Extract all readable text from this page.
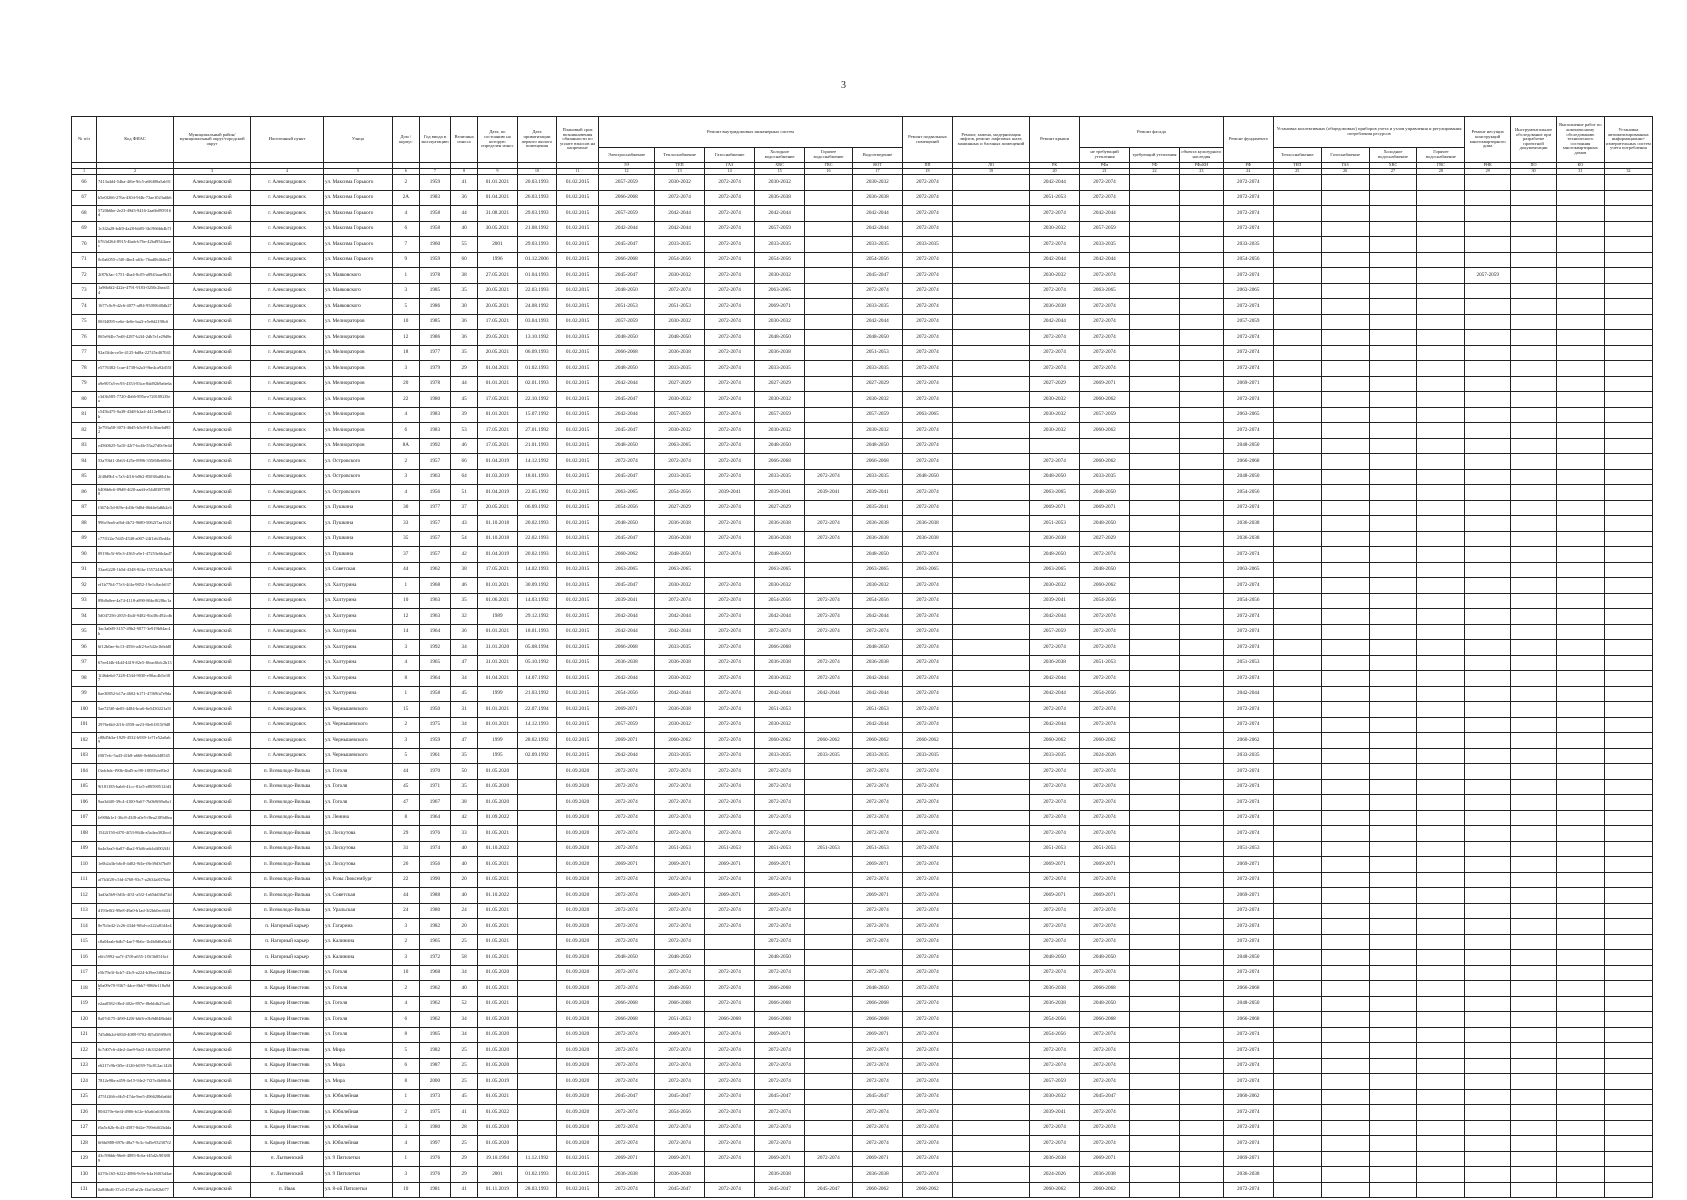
3
№ п/п	Код ФИАС	Муниципальный район/муниципальный округ/городской округ	Населенный пункт	Улица	Дом / корпус	Год ввода в эксплуатацию	Величина износа	Дата, по состоянию на которую определен износ	Дата приватизации первого жилого помещения	Плановый срок возникновения обязанности по уплате взносов на капремонт	Ремонт внутридомовых инженерных систем						Ремонт подвальных помещений	Ремонт, замена, модернизация лифтов, ремонт лифтовых шахт, машинных и блочных помещений	Ремонт крыши	Ремонт фасада			Ремонт фундамента	Установка коллективных (общедомовых) приборов учета и узлов управления и регулирования потребления ресурсов				Ремонт несущих конструкций многоквартирного дома	Инструментальное обследование при разработке проектной документации	Выполнение работ по комплексному обследованию технического состояния многоквартирных домов	Установка автоматизированных информационно-измерительных систем учета потребления
											Электроснабжение	Теплоснабжение	Газоснабжение	Холодное водоснабжение	Горячее водоснабжение	Водоотведение				не требующий утепления	требующий утепления	объекта культурного наследия		Теплоснабжение	Газоснабжение	Холодное водоснабжение	Горячее водоснабжение				
											ЭЭ	ТЕП	ГАЗ	ХВС	ГВС	ВОТ	ПП	ЛО	РК	РФа	УФ	РФоКН	РФ	ТЕП	ГАЗ	ХВС	ГВС	РНК	ПО	КО	
1	2	3	4	5	6	7	8	9	10	11	12	13	14	15	16	17	18	19	20	21	22	23	24	25	26	27	28	29	30	31	32
66	7413a4d4-54ba-4f6e-9fc5-a68400a5ab91	Александровский	г. Александровск	ул. Максима Горького	2	1959	41	01.01.2021	20.03.1993	01.02.2015	2057-2059	2030-2032	2072-2074	2030-2032		2030-2032	2072-2074		2042-2044	2072-2074			2072-2074								
67	b5e0f266-276a-4304-9f4b-73ae1023a6b6	Александровский	г. Александровск	ул. Максима Горького	2А	1983	36	01.04.2021	26.03.1993	01.02.2015	2066-2068	2072-2074	2072-2074	2036-2038		2036-2038	2072-2074		2051-2053	2072-2074			2072-2074								
68	5720b6be-2e23-49d3-9416-2aa6b095916d	Александровский	г. Александровск	ул. Максима Горького	4	1958	44	31.08.2021	29.03.1993	01.02.2015	2057-2059	2042-2044	2072-2074	2042-2044		2042-2044	2072-2074		2072-2074	2042-2044			2072-2074								
69	1c3f2a28-b4f0-4a28-bb85-3b1966bb4b7f	Александровский	г. Александровск	ул. Максима Горького	6	1958	40	30.05.2021	21.08.1992	01.02.2015	2042-2044	2042-2044	2072-2074	2057-2059		2042-2044	2072-2074		2030-2032	2057-2059			2072-2074								
70	6763d264-8915-4bab-b76e-42bd9544aeec	Александровский	г. Александровск	ул. Максима Горького	7	1960	55	2001	29.03.1993	01.02.2015	2045-2047	2033-2035	2072-2074	2033-2035		2033-2035	2033-2035		2072-2074	2033-2035			2033-2035								
71	0c0a6055-c5f0-4be4-a63c-76ad064b6e47	Александровский	г. Александровск	ул. Максима Горького	9	1959	60	1996	01.12.2006	01.02.2015	2066-2068	2054-2056	2072-2074	2054-2056		2054-2056	2072-2074		2042-2044	2042-2044			2054-2056								
72	2f87b3ac-1751-4ba4-8c05-a8943aae8b33	Александровский	г. Александровск	ул. Маяковского	1	1978	38	27.05.2021	01.04.1993	01.02.2015	2045-2047	2030-2032	2072-2074	2030-2032		2045-2047	2072-2074		2030-2032	2072-2074			2072-2074					2057-2059			
73	1a96b6f2-422e-4791-9183-0250c2bea314	Александровский	г. Александровск	ул. Маяковского	3	1985	35	20.05.2021	22.03.1993	01.02.2015	2048-2050	2072-2074	2072-2074	2063-2065		2072-2074	2072-2074		2072-2074	2063-2065			2063-2065								
74	1677c0c9-d2c6-4077-af84-95f00648db27	Александровский	г. Александровск	ул. Маяковского	5	1986	30	20.05.2021	24.08.1992	01.02.2015	2051-2053	2051-2053	2072-2074	2069-2071		2033-2035	2072-2074		2036-2038	2072-2074			2072-2074								
75	00f34095-ce6e-4e0e-ba2f-e5e0d2198c6	Александровский	г. Александровск	ул. Мелиораторов	10	1985	36	17.05.2021	03.04.1993	01.02.2015	2057-2059	2030-2032	2072-2074	2030-2032		2042-2044	2072-2074		2042-2044	2072-2074			2057-2059								
76	065e9f4b-7ed8-4287-b2f4-2db7e1e29d8e	Александровский	г. Александровск	ул. Мелиораторов	12	1986	36	29.05.2021	13.10.1992	01.02.2015	2048-2050	2048-2050	2072-2074	2048-2050		2048-2050	2072-2074		2072-2074	2072-2074			2072-2074								
77	92af3fda-ce5e-4125-bd8a-22745e467041	Александровский	г. Александровск	ул. Мелиораторов	18	1977	35	20.05.2021	06.09.1993	01.02.2015	2066-2068	2036-2038	2072-2074	2036-2038		2051-2053	2072-2074		2072-2074	2072-2074			2072-2074								
78	e5776382-1cae-4738-b2a3-9be4ca92d55f	Александровский	г. Александровск	ул. Мелиораторов	3	1979	29	01.04.2021	01.02.1993	01.02.2015	2048-2050	2033-2035	2072-2074	2033-2035		2033-2035	2072-2074		2072-2074	2072-2074			2072-2074								
79	a9e907a5-ec93-4353-83ca-8dd92b9a6e6a	Александровский	г. Александровск	ул. Мелиораторов	20	1978	44	01.01.2021	02.01.1993	01.02.2015	2042-2044	2027-2029	2072-2074	2027-2029		2027-2029	2072-2074		2027-2029	2069-2071			2069-2071								
80	c3d3b585-7720-4b66-895a-e7201082f5ea	Александровский	г. Александровск	ул. Мелиораторов	22	1980	45	17.05.2021	22.10.1992	01.02.2015	2045-2047	2030-2032	2072-2074	2030-2032		2030-2032	2072-2074		2030-2032	2060-2062			2072-2074								
81	c545b475-0a38-43d8-b2a4-4412e8ba612b	Александровский	г. Александровск	ул. Мелиораторов	4	1983	39	01.01.2021	15.07.1992	01.02.2015	2042-2044	2057-2059	2072-2074	2057-2059		2057-2059	2063-2065		2030-2032	2057-2059			2063-2065								
82	3e793a58-3073-46d5-b5c8-81c36ac6d952	Александровский	г. Александровск	ул. Мелиораторов	6	1983	53	17.05.2021	27.01.1992	01.02.2015	2045-2047	2030-2032	2072-2074	2030-2032		2030-2032	2072-2074		2030-2032	2060-2062			2072-2074								
83	e4560625-5a10-42f7-bc4b-55a27d0c9e4d	Александровский	г. Александровск	ул. Мелиораторов	8А	1992	46	17.05.2021	21.01.1993	01.02.2015	2048-2050	2063-2065	2072-2074	2048-2050		2048-2050	2072-2074						2048-2050								
84	53a70fd1-2b63-425e-8996-335f68e6066e	Александровский	г. Александровск	ул. Островского	2	1957	66	01.04.2019	14.12.1992	01.02.2015	2072-2074	2072-2074	2072-2074	2066-2068		2066-2068	2072-2074		2072-2074	2060-2062			2066-2068								
85	2f48d9b1-c7a3-4f16-b062-85038af6b1bc	Александровский	г. Александровск	ул. Островского	3	1963	64	01.03.2019	18.01.1993	01.02.2015	2045-2047	2033-2035	2072-2074	2033-2035	2072-2074	2033-2035	2048-2050		2048-2050	2033-2035			2048-2050								
86	6406b6c6-09d8-4f20-aad4-e54d03875990	Александровский	г. Александровск	ул. Островского	4	1956	51	01.04.2019	22.05.1992	01.02.2015	2063-2065	2054-2056	2039-2041	2039-2041	2039-2041	2039-2041	2072-2074		2063-2065	2048-2050			2054-2056								
87	f3674c5d-0f9e-4d3b-9d0d-06d4e6d6b2e3	Александровский	г. Александровск	ул. Пушкина	30	1977	37	20.05.2021	06.09.1992	01.02.2015	2054-2056	2027-2029	2072-2074	2027-2029		2035-2041	2072-2074		2069-2071	2069-2071			2072-2074								
88	996c9ea6-af6d-4b72-9680-5062f7aa1624	Александровский	г. Александровск	ул. Пушкина	33	1957	43	01.10.2018	20.02.1993	01.02.2015	2048-2050	2036-2038	2072-2074	2036-2038	2072-2074	2036-2038	2036-2038		2051-2053	2048-2050			2036-2038								
89	c77f1f2a-7d45-4548-a007-24f1eb35ed4a	Александровский	г. Александровск	ул. Пушкина	35	1957	54	01.10.2018	22.02.1993	01.02.2015	2045-2047	2036-2038	2072-2074	2036-2038	2072-2074	2036-2038	2036-2038		2036-2038	2027-2029			2036-2038								
90	09196c5f-69c3-4365-a9e1-47253e6b4ad7	Александровский	г. Александровск	ул. Пушкина	37	1957	42	01.04.2019	20.02.1993	01.02.2015	2060-2062	2048-2050	2072-2074	2048-2050		2048-2050	2072-2074		2048-2050	2072-2074			2072-2074								
91	53ae6228-1b5d-4348-9f4a-155724fb7b84	Александровский	г. Александровск	ул. Советская	44	1962	38	17.05.2021	14.02.1993	01.02.2015	2063-2065	2063-2065		2063-2065		2063-2065	2063-2065		2063-2065	2048-2050			2063-2065								
92	ef1b7764-77e3-4f4a-9852-19e1c8acb637	Александровский	г. Александровск	ул. Халтурина	1	1968	46	01.01.2021	30.09.1992	01.02.2015	2045-2047	2030-2032	2072-2074	2030-2032		2030-2032	2072-2074		2030-2032	2060-2062			2072-2074								
93	89b8a0ee-4a74-4118-a890-86bc8f28bc1a	Александровский	г. Александровск	ул. Халтурина	10	1963	35	01.06.2021	14.03.1992	01.02.2015	2039-2041	2072-2074	2072-2074	2054-2056	2072-2074	2054-2056	2072-2074		2039-2041	2054-2056			2054-2056								
94	5d047256-2835-4b4f-9482-9fa38c492cdb	Александровский	г. Александровск	ул. Халтурина	12	1963	32	1989	29.12.1992	01.02.2015	2042-2044	2042-2044	2072-2074	2042-2044	2072-2074	2042-2044	2072-2074		2042-2044	2072-2074			2072-2074								
95	3ac3a0d9-3157-49b2-9077-3e919b04ac4b	Александровский	г. Александровск	ул. Халтурина	14	1964	36	01.01.2021	18.01.1993	01.02.2015	2042-2044	2042-2044	2072-2074	2072-2074	2072-2074	2072-2074	2072-2074		2057-2059	2072-2074			2072-2074								
96	6f12b0ae-6c13-4556-a4f2-be342e1b6dd0	Александровский	г. Александровск	ул. Халтурина	3	1992	34	31.01.2020	05.08.1994	01.02.2015	2066-2068	2033-2035	2072-2074	2066-2068		2048-2050	2072-2074		2072-2074	2072-2074			2072-2074								
97	67ee4f4b-f4d4-4419-82e5-f0eac6bfc2b13	Александровский	г. Александровск	ул. Халтурина	4	1965	47	31.01.2021	05.10.1992	01.02.2015	2036-2038	2036-2038	2072-2074	2036-2038	2072-2074	2036-2038	2072-2074		2036-2038	2051-2053			2051-2053								
98	1f46de6d-7228-4544-9030-e90ac4b5e387	Александровский	г. Александровск	ул. Халтурина	8	1964	34	01.04.2021	14.07.1992	01.02.2015	2042-2044	2030-2032	2072-2074	2030-2032	2072-2074	2042-2044	2072-2074		2042-2044	2072-2074			2072-2074								
99	6ae30852-b17a-4602-b171-47f69fa7e9da	Александровский	г. Александровск	ул. Халтурина	1	1958	45	1999	21.03.1992	01.02.2015	2054-2056	2042-2044	2072-2074	2042-2044	2042-2044	2042-2044	2072-2074		2042-2044	2054-2056			2042-2044								
100	5ae725f0-de05-4484-bca6-6e5430221a5f	Александровский	г. Александровск	ул. Чернышевского	15	1950	31	01.01.2021	22.07.1994	01.02.2015	2069-2071	2036-2038	2072-2074	2051-2053		2051-2053	2072-2074		2072-2074	2072-2074			2072-2074								
101	2976e6fd-2f16-4558-ae23-8fe61815f9d8	Александровский	г. Александровск	ул. Чернышевского	2	1975	34	01.01.2021	14.12.1993	01.02.2015	2057-2059	2030-2032	2072-2074	2030-2032		2042-2044	2072-2074		2042-2044	2072-2074			2072-2074								
102	c88d5b3a-1929-4532-b939-1e71e52a0ab9	Александровский	г. Александровск	ул. Чернышевского	3	1959	47	1999	28.02.1992	01.02.2015	2069-2071	2060-2062	2072-2074	2060-2062	2060-2062	2060-2062	2060-2062		2060-2062	2060-2062			2060-2062								
103	ff0f7efc-5a43-41b8-a666-9e6b6b448545	Александровский	г. Александровск	ул. Чернышевского	5	1961	35	1995	02.09.1992	01.02.2015	2042-2044	2033-2035	2072-2074	2033-2035	2033-2035	2033-2035	2033-2035		2033-2035	2024-2026			2033-2035								
104	f3afcbdc-f90b-4bd5-ac98-1f8595ee83e2	Александровский	п. Всеволодо-Вильва	ул. Гоголя	44	1970	50	01.05.2020		01.09.2020	2072-2074	2072-2074	2072-2074	2072-2074		2072-2074	2072-2074		2072-2074	2072-2074			2072-2074								
105	9f181185-bab6-41cc-81e5-e80590512fd3	Александровский	п. Всеволодо-Вильва	ул. Гоголя	45	1971	35	01.05.2020		01.09.2020	2072-2074	2072-2074	2072-2074	2072-2074		2072-2074	2072-2074		2072-2074	2072-2074			2072-2074								
106	9aa3d4f0-39c4-4100-9a67-7b0b9f69a0a1	Александровский	п. Всеволодо-Вильва	ул. Гоголя	47	1967	38	01.05.2020		01.09.2020	2072-2074	2072-2074	2072-2074	2072-2074		2072-2074	2072-2074		2072-2074	2072-2074			2072-2074								
107	fe906b1e1-36c8-43f8-a0e5-f8ea2189d0ea	Александровский	п. Всеволодо-Вильва	ул. Ленина	8	1964	42	01.09.2022		01.09.2020	2072-2074	2072-2074	2072-2074	2072-2074		2072-2074	2072-2074		2072-2074	2072-2074			2072-2074								
108	1542f150-df70-4f53-864b-a5a4ea302bcd	Александровский	п. Всеволодо-Вильва	ул. Лоскутова	29	1976	33	01.05.2021		01.09.2020	2072-2074	2072-2074	2072-2074	2072-2074		2072-2074	2072-2074		2072-2074	2072-2074			2072-2074								
109	6a4e3ea5-6a87-4ba2-93d6-adcb4f002f4f	Александровский	п. Всеволодо-Вильва	ул. Лоскутова	31	1974	40	01.10.2022		01.09.2020	2072-2074	2051-2053	2051-2053	2051-2053	2051-2053	2051-2053	2072-2074		2051-2053	2051-2053			2051-2053								
110	1e0b2a3b-b6c8-4d02-9f4e-f8e39d3f7bd9	Александровский	п. Всеволодо-Вильва	ул. Лоскутова	26	1956	40	01.05.2021		01.09.2020	2069-2071	2069-2071	2069-2071	2069-2071		2069-2071	2072-2074		2069-2071	2069-2071			2069-2071								
111	af7b3f28-c5fd-4768-93c7-a2634a8376de	Александровский	п. Всеволодо-Вильва	ул. Розы Люксембург	22	1990	20	01.05.2021		01.09.2020	2072-2074	2072-2074	2072-2074	2072-2074		2072-2074	2072-2074		2072-2074	2072-2074			2072-2074								
112	3ad3a5b9-0d1b-4f31-a5f2-1a65dd36d72d	Александровский	п. Всеволодо-Вильва	ул. Советская	44	1988	40	01.10.2022		01.09.2020	2072-2074	2069-2071	2069-2071	2069-2071		2069-2071	2072-2074		2069-2071	2069-2071			2069-2071								
113	d193e0f2-98e8-49a0-b1ad-3f2bb0ec64f4	Александровский	п. Всеволодо-Вильва	ул. Уральская	24	1980	24	01.05.2021		01.09.2020	2072-2074	2072-2074	2072-2074	2072-2074		2072-2074	2072-2074		2072-2074	2072-2074			2072-2074								
114	8e7b3e42-2c26-434d-9f6d-ce222a81d4e4	Александровский	п. Нагорный карьер	ул. Гагарина	3	1982	20	01.05.2021		01.09.2020	2072-2074	2072-2074	2072-2074	2072-2074		2072-2074	2072-2074		2072-2074	2072-2074			2072-2074								
115	c8a04eab-6db7-4ae7-9b6c-1b4b0d0a8af4	Александровский	п. Нагорный карьер	ул. Калинина	2	1965	25	01.05.2021		01.09.2020	2072-2074	2072-2074		2072-2074		2072-2074	2072-2074		2072-2074	2072-2074			2072-2074								
116	e6fc5992-aa7f-47f8-a655-1f5f3b8516cf	Александровский	п. Нагорный карьер	ул. Калинина	3	1972	58	01.05.2021		01.09.2020	2048-2050	2048-2050		2048-2050			2072-2074		2048-2050	2048-2050			2048-2050								
117	e5b79e3f-6cb7-43c9-a224-b39ee3f8d24e	Александровский	п. Карьер Известняк	ул. Гоголя	10	1968	34	01.05.2020		01.09.2020	2072-2074	2072-2074	2072-2074	2072-2074		2072-2074	2072-2074		2072-2074	2072-2074			2072-2074								
118	b0a09e70-9367-4dce-8bb7-9868e118a9d7	Александровский	п. Карьер Известняк	ул. Гоголя	2	1962	40	01.05.2021		01.09.2020	2072-2074	2048-2050	2072-2074	2066-2068		2048-2050	2072-2074		2036-2038	2066-2068			2066-2068								
119	e2aa0582-f8e4-402e-897e-f8ebbfb25ca6	Александровский	п. Карьер Известняк	ул. Гоголя	4	1962	52	01.05.2021		01.09.2020	2066-2068	2066-2068	2072-2074	2066-2068		2066-2068	2072-2074		2036-2038	2048-2050			2048-2050								
120	8a07d175-4f90-420f-b6f6-e5b9d048b4dd	Александровский	п. Карьер Известняк	ул. Гоголя	6	1962	34	01.05.2020		01.09.2020	2066-2068	2051-2053	2066-2068	2066-2068		2066-2068	2072-2074		2054-2056	2066-2068			2066-2068								
121	7d5d6b2d-6830-4089-9702-8f5d3f9f9b9f	Александровский	п. Карьер Известняк	ул. Гоголя	8	1965	34	01.05.2020		01.09.2020	2072-2074	2069-2071	2072-2074	2069-2071		2069-2071	2072-2074		2054-2056	2072-2074			2072-2074								
122	6c7d07c6-d4e2-4ae9-9af2-1fb3324d95f9	Александровский	п. Карьер Известняк	ул. Мира	5	1982	25	01.05.2020		01.09.2020	2072-2074	2072-2074	2072-2074	2072-2074		2072-2074	2072-2074		2072-2074	2072-2074			2072-2074								
123	e6217c9b-0f5e-4126-b039-76c812ac1426	Александровский	п. Карьер Известняк	ул. Мира	6	1987	25	01.05.2020		01.09.2020	2072-2074	2072-2074	2072-2074	2072-2074		2072-2074	2072-2074		2072-2074	2072-2074			2072-2074								
124	7812e98a-a459-4e15-94e2-7f27e4b06bfb	Александровский	п. Карьер Известняк	ул. Мира	8	2000	25	01.05.2019		01.09.2020	2072-2074	2072-2074	2072-2074	2072-2074		2072-2074	2072-2074		2057-2059	2072-2074			2072-2074								
125	4751f266-c6b5-47da-9ee5-496628b6a6fd	Александровский	п. Карьер Известняк	ул. Юбилейная	1	1973	45	01.05.2021		01.09.2020	2045-2047	2045-2047	2072-2074	2045-2047		2045-2047	2072-2074		2030-2032	2045-2047			2060-2062								
126	80ff270e-6ef4-4906-b12e-b5a6fa61636b	Александровский	п. Карьер Известняк	ул. Юбилейная	2	1975	41	01.05.2022		01.09.2020	2072-2074	2054-2056	2072-2074	2072-2074		2072-2074	2072-2074		2039-2041	2072-2074			2072-2074								
127	f6a5c62b-8c43-4587-8d2e-709eb0f2b4da	Александровский	п. Карьер Известняк	ул. Юбилейная	3	1980	28	01.05.2020		01.09.2020	2072-2074	2072-2074	2072-2074	2072-2074		2072-2074	2072-2074		2072-2074	2072-2074			2072-2074								
128	6f6bf888-697b-48a7-9c3c-bd5e932307f2	Александровский	п. Карьер Известняк	ул. Юбилейная	4	1997	25	01.05.2020		01.09.2020	2072-2074	2072-2074	2072-2074	2072-2074		2072-2074	2072-2074		2072-2074	2072-2074			2072-2074								
129	d3c596bb-96e6-4895-8c6a-f45d2c903889	Александровский	п. Лытвенский	ул. 9 Пятилетки	1	1976	29	19.10.1994	11.12.1992	01.02.2015	2069-2071	2069-2071	2072-2074	2069-2071	2072-2074	2069-2071	2072-2074		2036-2038	2069-2071			2069-2071								
130	6270c165-6222-4886-9c9e-b4a160f3d4ae	Александровский	п. Лытвенский	ул. 9 Пятилетки	3	1976	29	2001	01.02.1993	01.02.2015	2036-2038	2036-2038		2036-2038		2036-2038	2072-2074		2024-2026	2036-2038			2036-2038								
131	6a8ffbd6-37c4-47a8-af2b-f3af3e82b077	Александровский	п. Ивак	ул. 8-ой Пятилетки	10	1981	41	01.11.2019	28.03.1993	01.02.2015	2072-2074	2045-2047	2072-2074	2045-2047	2045-2047	2060-2062	2060-2062		2060-2062	2060-2062			2072-2074								
